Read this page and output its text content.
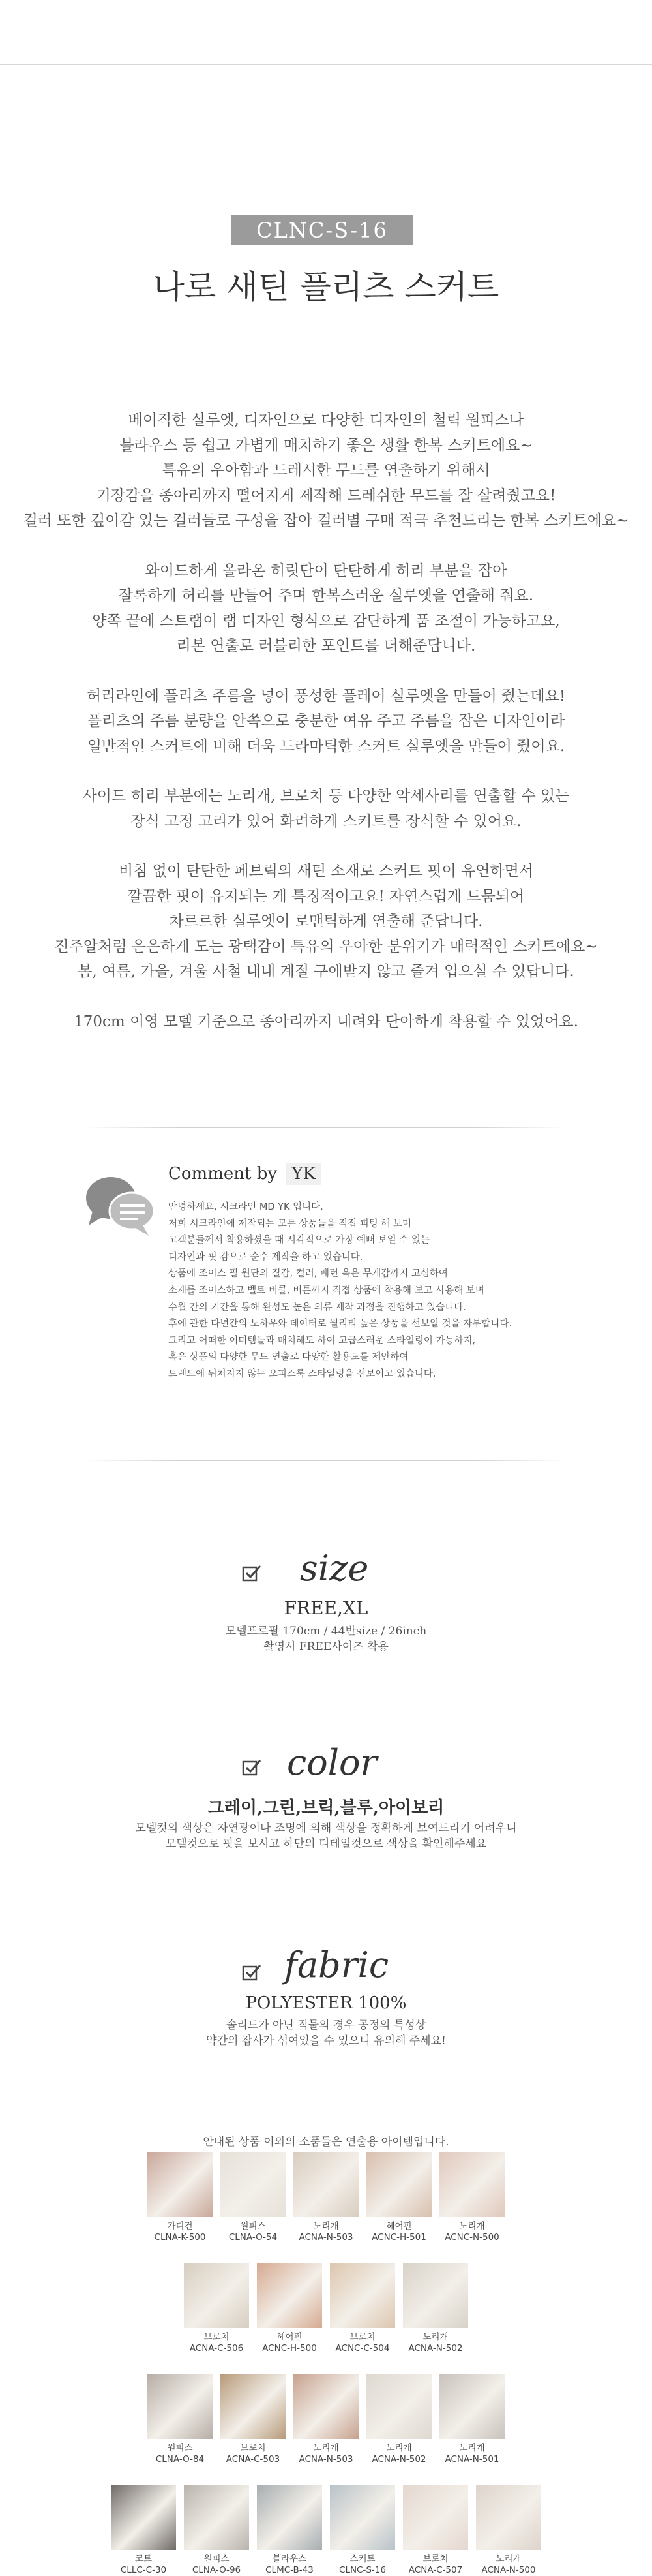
CLNC-S-16
나로 새틴 플리츠 스커트

베이직한 실루엣, 디자인으로 다양한 디자인의 철릭 원피스나
블라우스 등 쉽고 가볍게 매치하기 좋은 생활 한복 스커트에요~
특유의 우아함과 드레시한 무드를 연출하기 위해서
기장감을 종아리까지 떨어지게 제작해 드레쉬한 무드를 잘 살려줬고요!
컬러 또한 깊이감 있는 컬러들로 구성을 잡아 컬러별 구매 적극 추천드리는 한복 스커트에요~

와이드하게 올라온 허릿단이 탄탄하게 허리 부분을 잡아
잘록하게 허리를 만들어 주며 한복스러운 실루엣을 연출해 줘요.
양쪽 끝에 스트랩이 랩 디자인 형식으로 감단하게 품 조절이 가능하고요,
리본 연출로 러블리한 포인트를 더해준답니다.

허리라인에 플리츠 주름을 넣어 풍성한 플레어 실루엣을 만들어 줬는데요!
플리츠의 주름 분량을 안쪽으로 충분한 여유 주고 주름을 잡은 디자인이라
일반적인 스커트에 비해 더욱 드라마틱한 스커트 실루엣을 만들어 줬어요.

사이드 허리 부분에는 노리개, 브로치 등 다양한 악세사리를 연출할 수 있는
장식 고정 고리가 있어 화려하게 스커트를 장식할 수 있어요.

비침 없이 탄탄한 페브릭의 새틴 소재로 스커트 핏이 유연하면서
깔끔한 핏이 유지되는 게 특징적이고요! 자연스럽게 드뭄되어
차르르한 실루엣이 로맨틱하게 연출해 준답니다.
진주알처럼 은은하게 도는 광택감이 특유의 우아한 분위기가 매력적인 스커트에요~
봄, 여름, 가을, 겨울 사철 내내 계절 구애받지 않고 즐겨 입으실 수 있답니다.

170cm 이영 모델 기준으로 종아리까지 내려와 단아하게 착용할 수 있었어요.

Comment by YK
안녕하세요, 시크라인 MD YK 입니다.
저희 시크라인에 제작되는 모든 상품들을 직접 피팅 해 보며
고객분들께서 착용하셨을 때 시각적으로 가장 예뻐 보일 수 있는
디자인과 핏 감으로 순수 제작을 하고 있습니다.
상품에 조이스 필 원단의 질감, 컬러, 패턴 옥은 무게감까지 고심하여
소재를 조이스하고 벨트 버클, 버튼까지 직접 상품에 착용해 보고 사용해 보며
수월 간의 기간을 통해 완성도 높은 의류 제작 과정을 진행하고 있습니다.
후에 관한 다년간의 노하우와 데이터로 월리티 높은 상품을 선보일 것을 자부합니다.
그리고 어떠한 이미템들과 매치해도 하여 고급스러운 스타일링이 가능하지,
혹은 상품의 다양한 무드 연출로 다양한 활용도를 제안하여
트렌드에 뒤처지지 않는 오피스룩 스타일링을 선보이고 있습니다.
size
FREE,XL
모델프로필 170cm / 44반size / 26inch
촬영시 FREE사이즈 착용
color
그레이,그린,브릭,블루,아이보리
모델컷의 색상은 자연광이나 조명에 의해 색상을 정확하게 보여드리기 어려우니
모델컷으로 핏을 보시고 하단의 디테일컷으로 색상을 확인해주세요
fabric
POLYESTER 100%
솔리드가 아닌 직물의 경우 공정의 특성상
약간의 잡사가 섞여있을 수 있으니 유의해 주세요!
안내된 상품 이외의 소품들은 연출용 아이템입니다.
가디건
CLNA-K-500
원피스
CLNA-O-54
노리개
ACNA-N-503
헤어핀
ACNC-H-501
노리개
ACNC-N-500
브로치
ACNA-C-506
헤어핀
ACNC-H-500
브로치
ACNC-C-504
노리개
ACNA-N-502
원피스
CLNA-O-84
브로치
ACNA-C-503
노리개
ACNA-N-503
노리개
ACNA-N-502
노리개
ACNA-N-501
코트
CLLC-C-30
원피스
CLNA-O-96
블라우스
CLMC-B-43
스커트
CLNC-S-16
브로치
ACNA-C-507
노리개
ACNA-N-500
